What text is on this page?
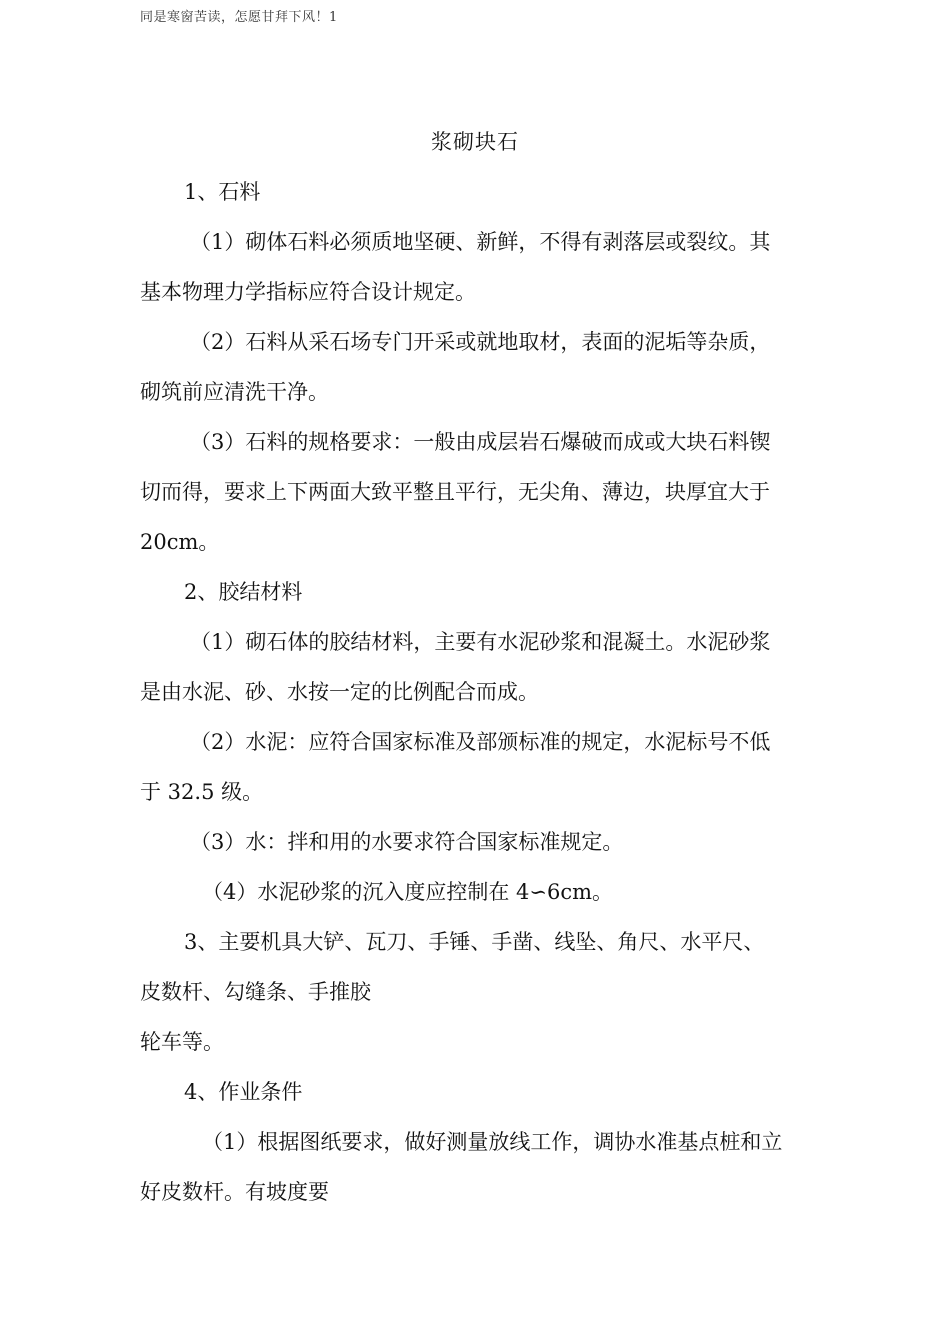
同是寒窗苦读，怎愿甘拜下风！1
浆砌块石
1、石料
（1）砌体石料必须质地坚硬、新鲜，不得有剥落层或裂纹。其
基本物理力学指标应符合设计规定。
（2）石料从采石场专门开采或就地取材，表面的泥垢等杂质，
砌筑前应清洗干净。
（3）石料的规格要求：一般由成层岩石爆破而成或大块石料锲
切而得，要求上下两面大致平整且平行，无尖角、薄边，块厚宜大于
20cm。
2、胶结材料
（1）砌石体的胶结材料，主要有水泥砂浆和混凝土。水泥砂浆
是由水泥、砂、水按一定的比例配合而成。
（2）水泥：应符合国家标准及部颁标准的规定，水泥标号不低
于 32.5 级。
（3）水：拌和用的水要求符合国家标准规定。
（4）水泥砂浆的沉入度应控制在 4∽6cm。
3、主要机具大铲、瓦刀、手锤、手凿、线坠、角尺、水平尺、
皮数杆、勾缝条、手推胶
轮车等。
4、作业条件
（1）根据图纸要求，做好测量放线工作，调协水准基点桩和立
好皮数杆。有坡度要
